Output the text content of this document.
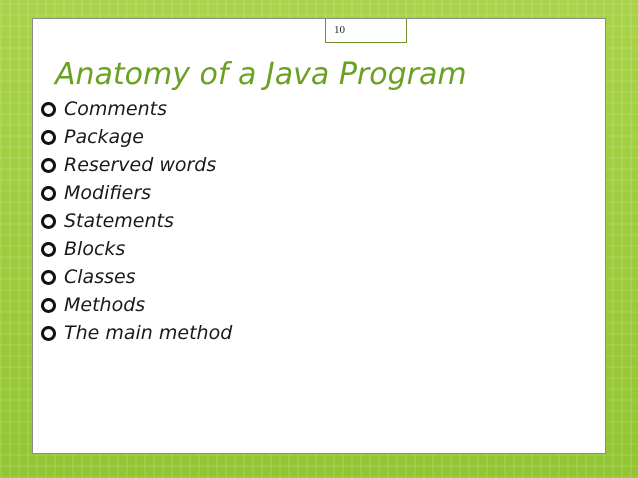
10
Anatomy of a Java Program
Comments
Package
Reserved words
Modifiers
Statements
Blocks
Classes
Methods
The main method
